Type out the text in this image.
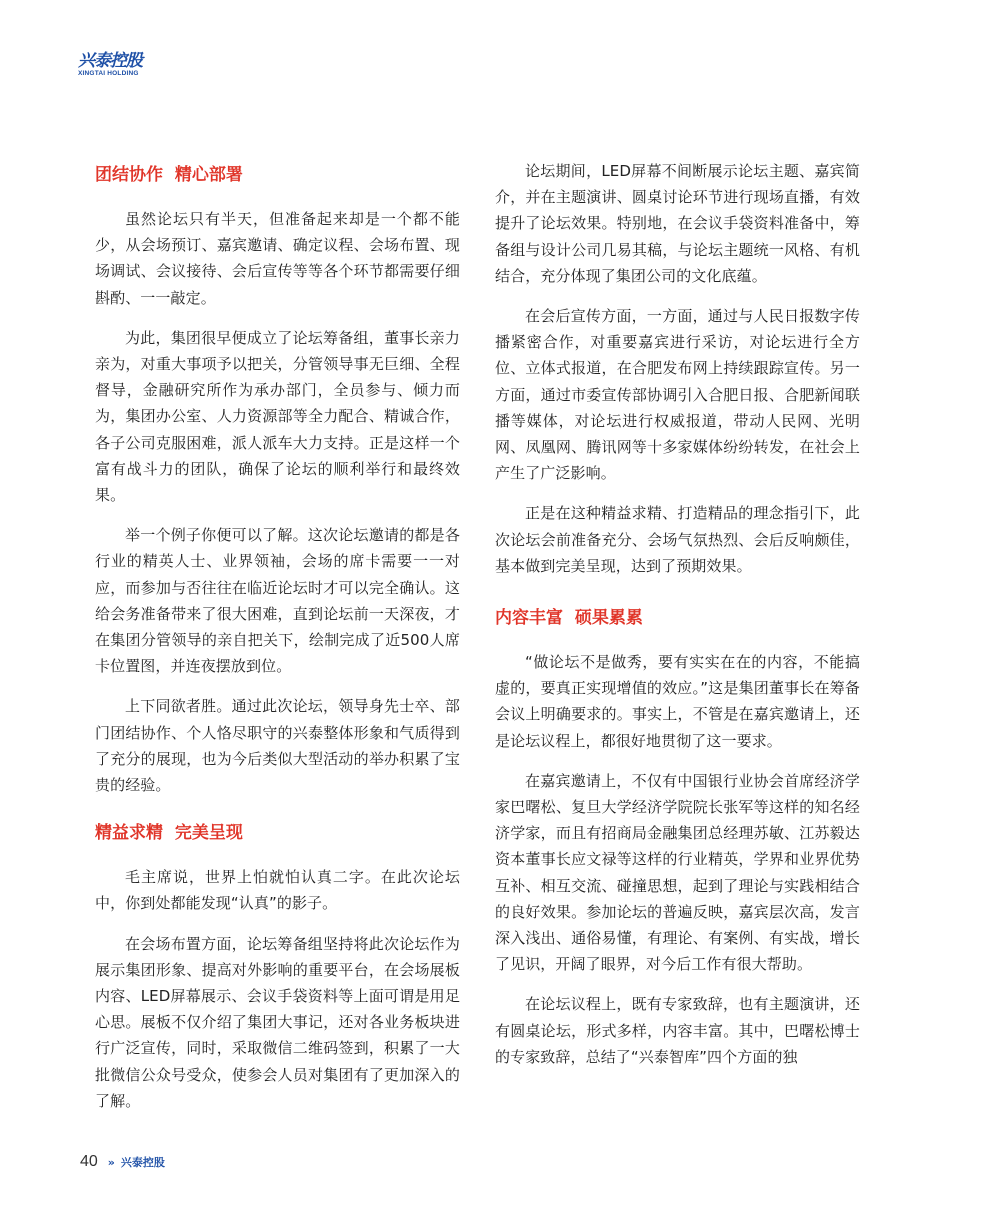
兴泰控股
XINGTAI HOLDING
团结协作  精心部署

虽然论坛只有半天，但准备起来却是一个都不能少，从会场预订、嘉宾邀请、确定议程、会场布置、现场调试、会议接待、会后宣传等等各个环节都需要仔细斟酌、一一敲定。

为此，集团很早便成立了论坛筹备组，董事长亲力亲为，对重大事项予以把关，分管领导事无巨细、全程督导，金融研究所作为承办部门，全员参与、倾力而为，集团办公室、人力资源部等全力配合、精诚合作，各子公司克服困难，派人派车大力支持。正是这样一个富有战斗力的团队，确保了论坛的顺利举行和最终效果。

举一个例子你便可以了解。这次论坛邀请的都是各行业的精英人士、业界领袖，会场的席卡需要一一对应，而参加与否往往在临近论坛时才可以完全确认。这给会务准备带来了很大困难，直到论坛前一天深夜，才在集团分管领导的亲自把关下，绘制完成了近500人席卡位置图，并连夜摆放到位。

上下同欲者胜。通过此次论坛，领导身先士卒、部门团结协作、个人恪尽职守的兴泰整体形象和气质得到了充分的展现，也为今后类似大型活动的举办积累了宝贵的经验。

精益求精  完美呈现

毛主席说，世界上怕就怕认真二字。在此次论坛中，你到处都能发现“认真”的影子。

在会场布置方面，论坛筹备组坚持将此次论坛作为展示集团形象、提高对外影响的重要平台，在会场展板内容、LED屏幕展示、会议手袋资料等上面可谓是用足心思。展板不仅介绍了集团大事记，还对各业务板块进行广泛宣传，同时，采取微信二维码签到，积累了一大批微信公众号受众，使参会人员对集团有了更加深入的了解。

论坛期间，LED屏幕不间断展示论坛主题、嘉宾简介，并在主题演讲、圆桌讨论环节进行现场直播，有效提升了论坛效果。特别地，在会议手袋资料准备中，筹备组与设计公司几易其稿，与论坛主题统一风格、有机结合，充分体现了集团公司的文化底蕴。

在会后宣传方面，一方面，通过与人民日报数字传播紧密合作，对重要嘉宾进行采访，对论坛进行全方位、立体式报道，在合肥发布网上持续跟踪宣传。另一方面，通过市委宣传部协调引入合肥日报、合肥新闻联播等媒体，对论坛进行权威报道，带动人民网、光明网、凤凰网、腾讯网等十多家媒体纷纷转发，在社会上产生了广泛影响。

正是在这种精益求精、打造精品的理念指引下，此次论坛会前准备充分、会场气氛热烈、会后反响颇佳，基本做到完美呈现，达到了预期效果。

内容丰富  硕果累累

“做论坛不是做秀，要有实实在在的内容，不能搞虚的，要真正实现增值的效应。”这是集团董事长在筹备会议上明确要求的。事实上，不管是在嘉宾邀请上，还是论坛议程上，都很好地贯彻了这一要求。

在嘉宾邀请上，不仅有中国银行业协会首席经济学家巴曙松、复旦大学经济学院院长张军等这样的知名经济学家，而且有招商局金融集团总经理苏敏、江苏毅达资本董事长应文禄等这样的行业精英，学界和业界优势互补、相互交流、碰撞思想，起到了理论与实践相结合的良好效果。参加论坛的普遍反映，嘉宾层次高，发言深入浅出、通俗易懂，有理论、有案例、有实战，增长了见识，开阔了眼界，对今后工作有很大帮助。

在论坛议程上，既有专家致辞，也有主题演讲，还有圆桌论坛，形式多样，内容丰富。其中，巴曙松博士的专家致辞，总结了“兴泰智库”四个方面的独

40 » 兴泰控股
